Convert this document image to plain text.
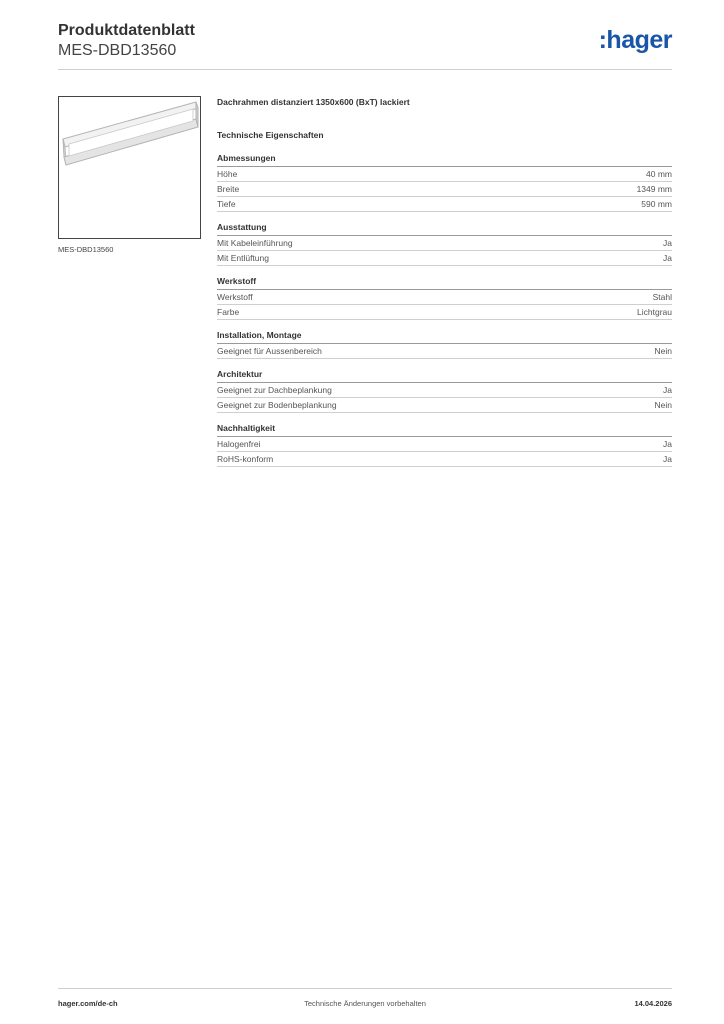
Produktdatenblatt
MES-DBD13560	:hager
MES-DBD13560
Dachrahmen distanziert 1350x600 (BxT) lackiert
Technische Eigenschaften
Abmessungen
Höhe	40 mm
Breite	1349 mm
Tiefe	590 mm
Ausstattung
Mit Kabeleinführung	Ja
Mit Entlüftung	Ja
Werkstoff
Werkstoff	Stahl
Farbe	Lichtgrau
Installation, Montage
Geeignet für Aussenbereich	Nein
Architektur
Geeignet zur Dachbeplankung	Ja
Geeignet zur Bodenbeplankung	Nein
Nachhaltigkeit
Halogenfrei	Ja
RoHS-konform	Ja
hager.com/de-ch	Technische Änderungen vorbehalten	14.04.2026
